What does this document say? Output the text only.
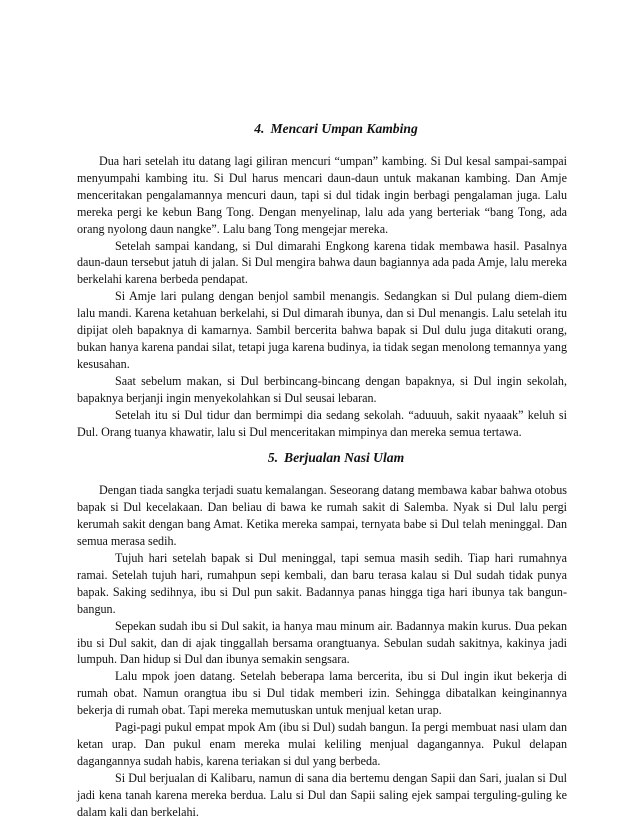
4. Mencari Umpan Kambing

Dua hari setelah itu datang lagi giliran mencuri “umpan” kambing. Si Dul kesal sampai-sampai menyumpahi kambing itu. Si Dul harus mencari daun-daun untuk makanan kambing. Dan Amje menceritakan pengalamannya mencuri daun, tapi si dul tidak ingin berbagi pengalaman juga. Lalu mereka pergi ke kebun Bang Tong. Dengan menyelinap, lalu ada yang berteriak “bang Tong, ada orang nyolong daun nangke”. Lalu bang Tong mengejar mereka.

Setelah sampai kandang, si Dul dimarahi Engkong karena tidak membawa hasil. Pasalnya daun-daun tersebut jatuh di jalan. Si Dul mengira bahwa daun bagiannya ada pada Amje, lalu mereka berkelahi karena berbeda pendapat.

Si Amje lari pulang dengan benjol sambil menangis. Sedangkan si Dul pulang diem-diem lalu mandi. Karena ketahuan berkelahi, si Dul dimarah ibunya, dan si Dul menangis. Lalu setelah itu dipijat oleh bapaknya di kamarnya. Sambil bercerita bahwa bapak si Dul dulu juga ditakuti orang, bukan hanya karena pandai silat, tetapi juga karena budinya, ia tidak segan menolong temannya yang kesusahan.

Saat sebelum makan, si Dul berbincang-bincang dengan bapaknya, si Dul ingin sekolah, bapaknya berjanji ingin menyekolahkan si Dul seusai lebaran.

Setelah itu si Dul tidur dan bermimpi dia sedang sekolah. “aduuuh, sakit nyaaak” keluh si Dul. Orang tuanya khawatir, lalu si Dul menceritakan mimpinya dan mereka semua tertawa.

5. Berjualan Nasi Ulam

Dengan tiada sangka terjadi suatu kemalangan. Seseorang datang membawa kabar bahwa otobus bapak si Dul kecelakaan. Dan beliau di bawa ke rumah sakit di Salemba. Nyak si Dul lalu pergi kerumah sakit dengan bang Amat. Ketika mereka sampai, ternyata babe si Dul telah meninggal. Dan semua merasa sedih.

Tujuh hari setelah bapak si Dul meninggal, tapi semua masih sedih. Tiap hari rumahnya ramai. Setelah tujuh hari, rumahpun sepi kembali, dan baru terasa kalau si Dul sudah tidak punya bapak. Saking sedihnya, ibu si Dul pun sakit. Badannya panas hingga tiga hari ibunya tak bangun-bangun.

Sepekan sudah ibu si Dul sakit, ia hanya mau minum air. Badannya makin kurus. Dua pekan ibu si Dul sakit, dan di ajak tinggallah bersama orangtuanya. Sebulan sudah sakitnya, kakinya jadi lumpuh. Dan hidup si Dul dan ibunya semakin sengsara.

Lalu mpok joen datang. Setelah beberapa lama bercerita, ibu si Dul ingin ikut bekerja di rumah obat. Namun orangtua ibu si Dul tidak memberi izin. Sehingga dibatalkan keinginannya bekerja di rumah obat. Tapi mereka memutuskan untuk menjual ketan urap.

Pagi-pagi pukul empat mpok Am (ibu si Dul) sudah bangun. Ia pergi membuat nasi ulam dan ketan urap. Dan pukul enam mereka mulai keliling menjual dagangannya. Pukul delapan dagangannya sudah habis, karena teriakan si dul yang berbeda.

Si Dul berjualan di Kalibaru, namun di sana dia bertemu dengan Sapii dan Sari, jualan si Dul jadi kena tanah karena mereka berdua. Lalu si Dul dan Sapii saling ejek sampai terguling-guling ke dalam kali dan berkelahi.
